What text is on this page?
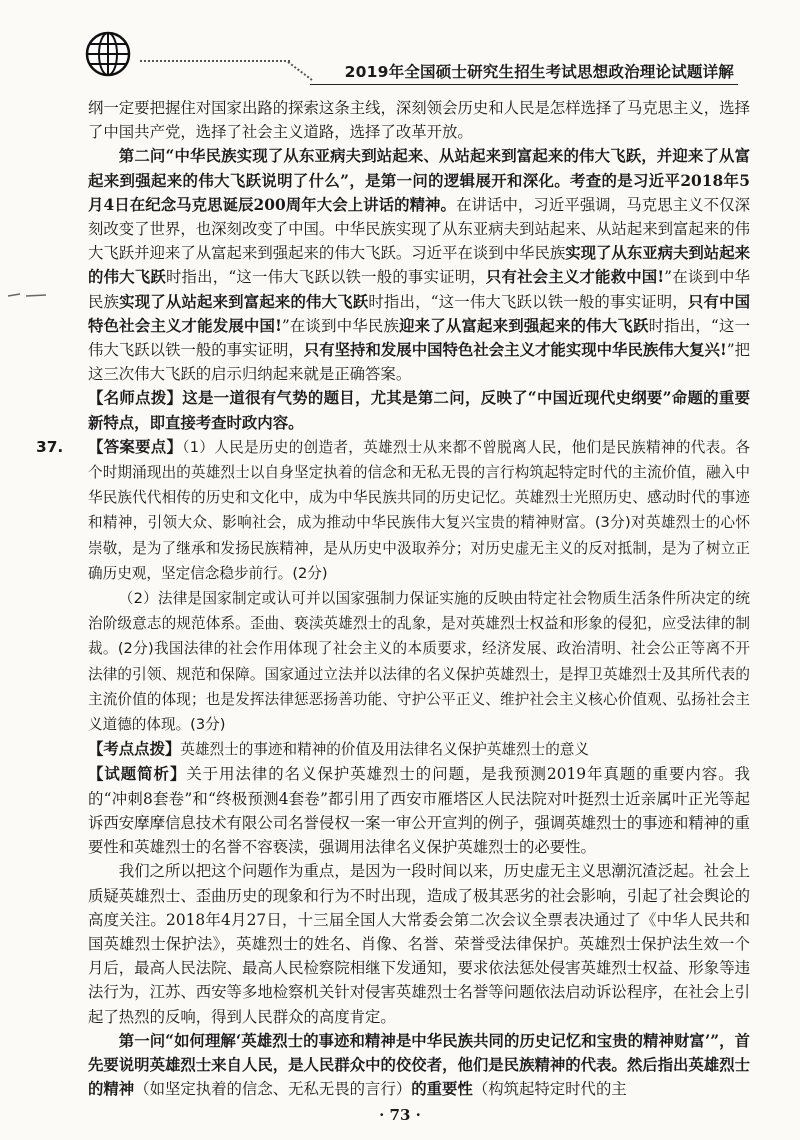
2019年全国硕士研究生招生考试思想政治理论试题详解

纲一定要把握住对国家出路的探索这条主线，深刻领会历史和人民是怎样选择了马克思主义，选择了中国共产党，选择了社会主义道路，选择了改革开放。

第二问“中华民族实现了从东亚病夫到站起来、从站起来到富起来的伟大飞跃，并迎来了从富起来到强起来的伟大飞跃说明了什么”，是第一问的逻辑展开和深化。考查的是习近平2018年5月4日在纪念马克思诞辰200周年大会上讲话的精神。在讲话中，习近平强调，马克思主义不仅深刻改变了世界，也深刻改变了中国。中华民族实现了从东亚病夫到站起来、从站起来到富起来的伟大飞跃并迎来了从富起来到强起来的伟大飞跃。习近平在谈到中华民族实现了从东亚病夫到站起来的伟大飞跃时指出，“这一伟大飞跃以铁一般的事实证明，只有社会主义才能救中国!”在谈到中华民族实现了从站起来到富起来的伟大飞跃时指出，“这一伟大飞跃以铁一般的事实证明，只有中国特色社会主义才能发展中国!”在谈到中华民族迎来了从富起来到强起来的伟大飞跃时指出，“这一伟大飞跃以铁一般的事实证明，只有坚持和发展中国特色社会主义才能实现中华民族伟大复兴!”把这三次伟大飞跃的启示归纳起来就是正确答案。

【名师点拨】这是一道很有气势的题目，尤其是第二问，反映了“中国近现代史纲要”命题的重要新特点，即直接考查时政内容。

37. 【答案要点】（1）人民是历史的创造者，英雄烈士从来都不曾脱离人民，他们是民族精神的代表。各个时期涌现出的英雄烈士以自身坚定执着的信念和无私无畏的言行构筑起特定时代的主流价值，融入中华民族代代相传的历史和文化中，成为中华民族共同的历史记忆。英雄烈士光照历史、感动时代的事迹和精神，引领大众、影响社会，成为推动中华民族伟大复兴宝贵的精神财富。(3分)对英雄烈士的心怀崇敬，是为了继承和发扬民族精神，是从历史中汲取养分；对历史虚无主义的反对抵制，是为了树立正确历史观，坚定信念稳步前行。(2分)

（2）法律是国家制定或认可并以国家强制力保证实施的反映由特定社会物质生活条件所决定的统治阶级意志的规范体系。歪曲、亵渎英雄烈士的乱象，是对英雄烈士权益和形象的侵犯，应受法律的制裁。(2分)我国法律的社会作用体现了社会主义的本质要求，经济发展、政治清明、社会公正等离不开法律的引领、规范和保障。国家通过立法并以法律的名义保护英雄烈士，是捍卫英雄烈士及其所代表的主流价值的体现；也是发挥法律惩恶扬善功能、守护公平正义、维护社会主义核心价值观、弘扬社会主义道德的体现。(3分)

【考点点拨】英雄烈士的事迹和精神的价值及用法律名义保护英雄烈士的意义

【试题简析】关于用法律的名义保护英雄烈士的问题，是我预测2019年真题的重要内容。我的“冲刺8套卷”和“终极预测4套卷”都引用了西安市雁塔区人民法院对叶挺烈士近亲属叶正光等起诉西安摩摩信息技术有限公司名誉侵权一案一审公开宣判的例子，强调英雄烈士的事迹和精神的重要性和英雄烈士的名誉不容亵渎，强调用法律名义保护英雄烈士的必要性。

我们之所以把这个问题作为重点，是因为一段时间以来，历史虚无主义思潮沉渣泛起。社会上质疑英雄烈士、歪曲历史的现象和行为不时出现，造成了极其恶劣的社会影响，引起了社会舆论的高度关注。2018年4月27日，十三届全国人大常委会第二次会议全票表决通过了《中华人民共和国英雄烈士保护法》，英雄烈士的姓名、肖像、名誉、荣誉受法律保护。英雄烈士保护法生效一个月后，最高人民法院、最高人民检察院相继下发通知，要求依法惩处侵害英雄烈士权益、形象等违法行为，江苏、西安等多地检察机关针对侵害英雄烈士名誉等问题依法启动诉讼程序，在社会上引起了热烈的反响，得到人民群众的高度肯定。

第一问“如何理解‘英雄烈士的事迹和精神是中华民族共同的历史记忆和宝贵的精神财富’”，首先要说明英雄烈士来自人民，是人民群众中的佼佼者，他们是民族精神的代表。然后指出英雄烈士的精神（如坚定执着的信念、无私无畏的言行）的重要性（构筑起特定时代的主

· 73 ·
